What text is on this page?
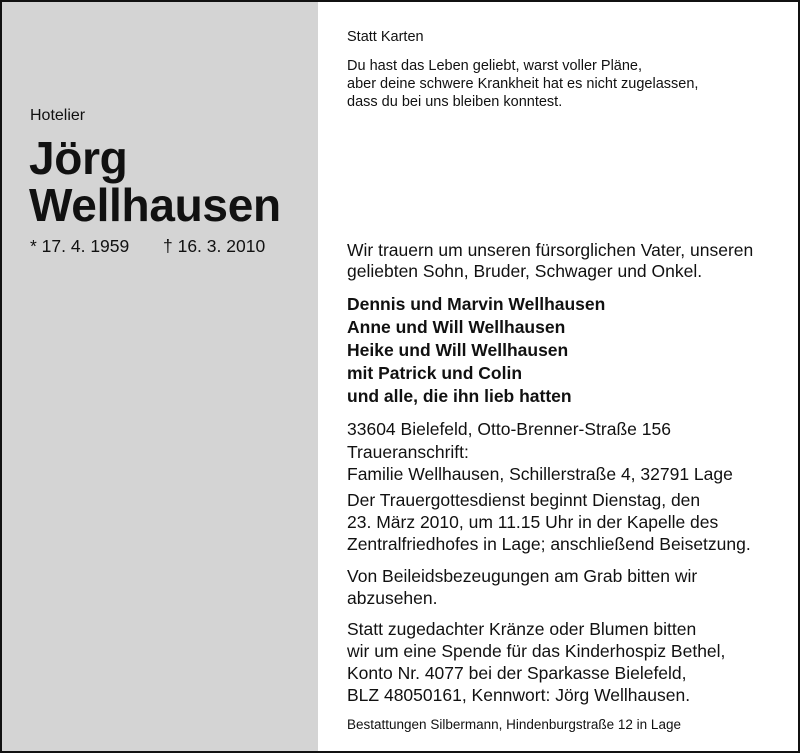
Hotelier
Jörg
Wellhausen
* 17. 4. 1959 † 16. 3. 2010
Statt Karten
Du hast das Leben geliebt, warst voller Pläne,
aber deine schwere Krankheit hat es nicht zugelassen,
dass du bei uns bleiben konntest.
Wir trauern um unseren fürsorglichen Vater, unseren
geliebten Sohn, Bruder, Schwager und Onkel.
Dennis und Marvin Wellhausen
Anne und Will Wellhausen
Heike und Will Wellhausen
mit Patrick und Colin
und alle, die ihn lieb hatten
33604 Bielefeld, Otto-Brenner-Straße 156
Traueranschrift:
Familie Wellhausen, Schillerstraße 4, 32791 Lage
Der Trauergottesdienst beginnt Dienstag, den
23. März 2010, um 11.15 Uhr in der Kapelle des
Zentralfriedhofes in Lage; anschließend Beisetzung.
Von Beileidsbezeugungen am Grab bitten wir
abzusehen.
Statt zugedachter Kränze oder Blumen bitten
wir um eine Spende für das Kinderhospiz Bethel,
Konto Nr. 4077 bei der Sparkasse Bielefeld,
BLZ 48050161, Kennwort: Jörg Wellhausen.
Bestattungen Silbermann, Hindenburgstraße 12 in Lage
